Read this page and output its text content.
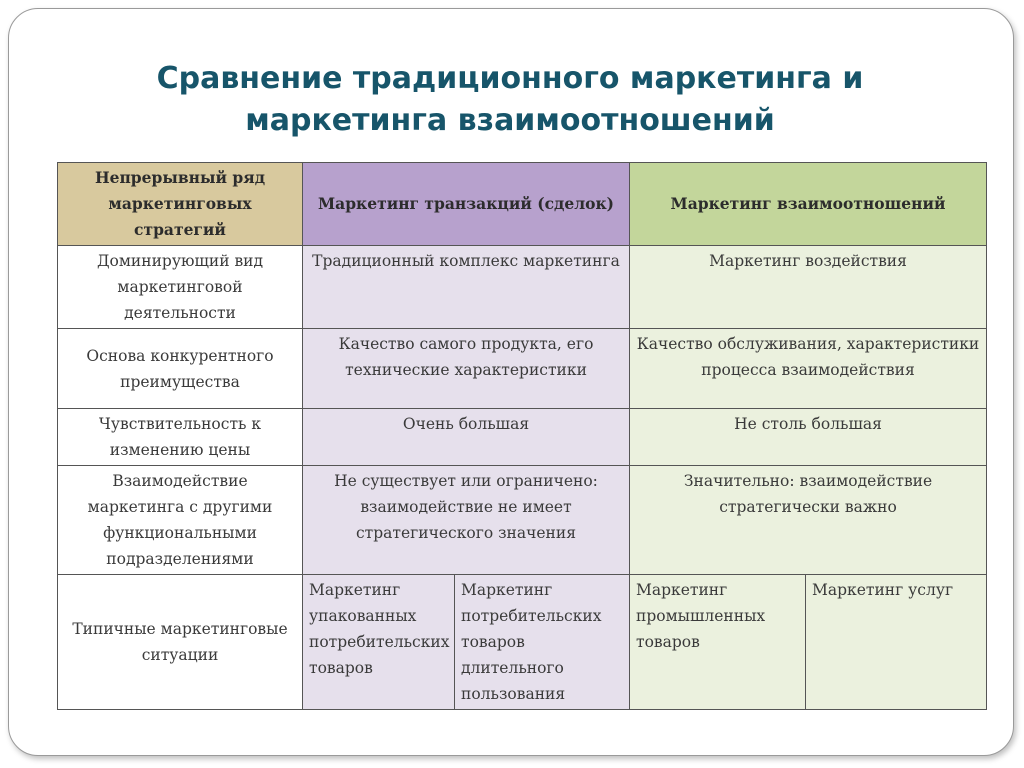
Сравнение традиционного маркетинга и
маркетинга взаимоотношений
Непрерывный ряд маркетинговых стратегий	Маркетинг транзакций (сделок)		Маркетинг взаимоотношений	
Доминирующий вид маркетинговой деятельности	Традиционный комплекс маркетинга		Маркетинг воздействия	
Основа конкурентного преимущества	Качество самого продукта, его технические характеристики		Качество обслуживания, характеристики процесса взаимодействия	
Чувствительность к изменению цены	Очень большая		Не столь большая	
Взаимодействие маркетинга с другими функциональными подразделениями	Не существует или ограничено: взаимодействие не имеет стратегического значения		Значительно: взаимодействие стратегически важно	
Типичные маркетинговые ситуации	Маркетинг упакованных потребительских товаров	Маркетинг потребительских товаров длительного пользования	Маркетинг промышленных товаров	Маркетинг услуг
